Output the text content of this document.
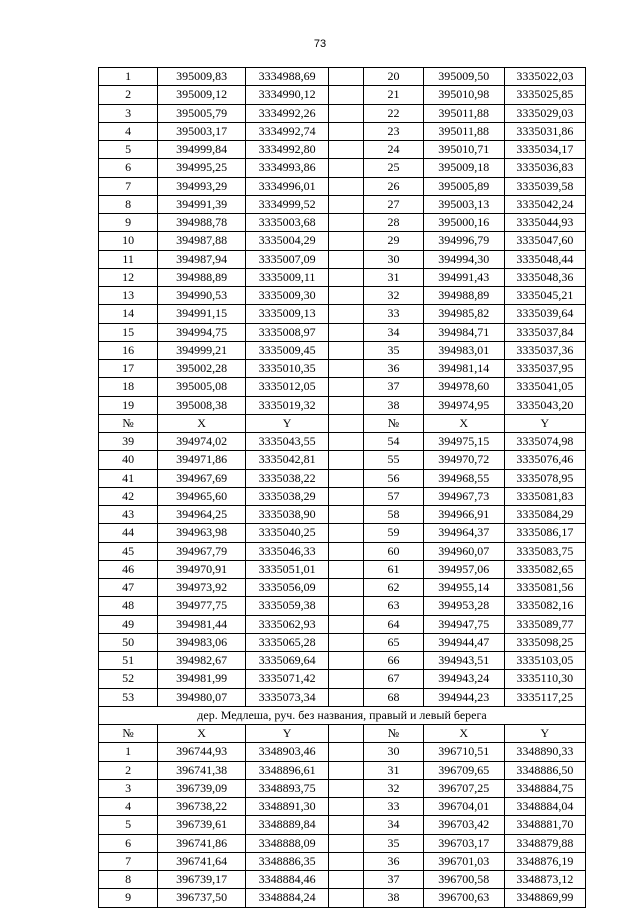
73
1	395009,83	3334988,69		20	395009,50	3335022,03
2	395009,12	3334990,12		21	395010,98	3335025,85
3	395005,79	3334992,26		22	395011,88	3335029,03
4	395003,17	3334992,74		23	395011,88	3335031,86
5	394999,84	3334992,80		24	395010,71	3335034,17
6	394995,25	3334993,86		25	395009,18	3335036,83
7	394993,29	3334996,01		26	395005,89	3335039,58
8	394991,39	3334999,52		27	395003,13	3335042,24
9	394988,78	3335003,68		28	395000,16	3335044,93
10	394987,88	3335004,29		29	394996,79	3335047,60
11	394987,94	3335007,09		30	394994,30	3335048,44
12	394988,89	3335009,11		31	394991,43	3335048,36
13	394990,53	3335009,30		32	394988,89	3335045,21
14	394991,15	3335009,13		33	394985,82	3335039,64
15	394994,75	3335008,97		34	394984,71	3335037,84
16	394999,21	3335009,45		35	394983,01	3335037,36
17	395002,28	3335010,35		36	394981,14	3335037,95
18	395005,08	3335012,05		37	394978,60	3335041,05
19	395008,38	3335019,32		38	394974,95	3335043,20
№	X	Y		№	X	Y
39	394974,02	3335043,55		54	394975,15	3335074,98
40	394971,86	3335042,81		55	394970,72	3335076,46
41	394967,69	3335038,22		56	394968,55	3335078,95
42	394965,60	3335038,29		57	394967,73	3335081,83
43	394964,25	3335038,90		58	394966,91	3335084,29
44	394963,98	3335040,25		59	394964,37	3335086,17
45	394967,79	3335046,33		60	394960,07	3335083,75
46	394970,91	3335051,01		61	394957,06	3335082,65
47	394973,92	3335056,09		62	394955,14	3335081,56
48	394977,75	3335059,38		63	394953,28	3335082,16
49	394981,44	3335062,93		64	394947,75	3335089,77
50	394983,06	3335065,28		65	394944,47	3335098,25
51	394982,67	3335069,64		66	394943,51	3335103,05
52	394981,99	3335071,42		67	394943,24	3335110,30
53	394980,07	3335073,34		68	394944,23	3335117,25
дер. Медлеша, руч. без названия, правый и левый берега						
№	X	Y		№	X	Y
1	396744,93	3348903,46		30	396710,51	3348890,33
2	396741,38	3348896,61		31	396709,65	3348886,50
3	396739,09	3348893,75		32	396707,25	3348884,75
4	396738,22	3348891,30		33	396704,01	3348884,04
5	396739,61	3348889,84		34	396703,42	3348881,70
6	396741,86	3348888,09		35	396703,17	3348879,88
7	396741,64	3348886,35		36	396701,03	3348876,19
8	396739,17	3348884,46		37	396700,58	3348873,12
9	396737,50	3348884,24		38	396700,63	3348869,99
